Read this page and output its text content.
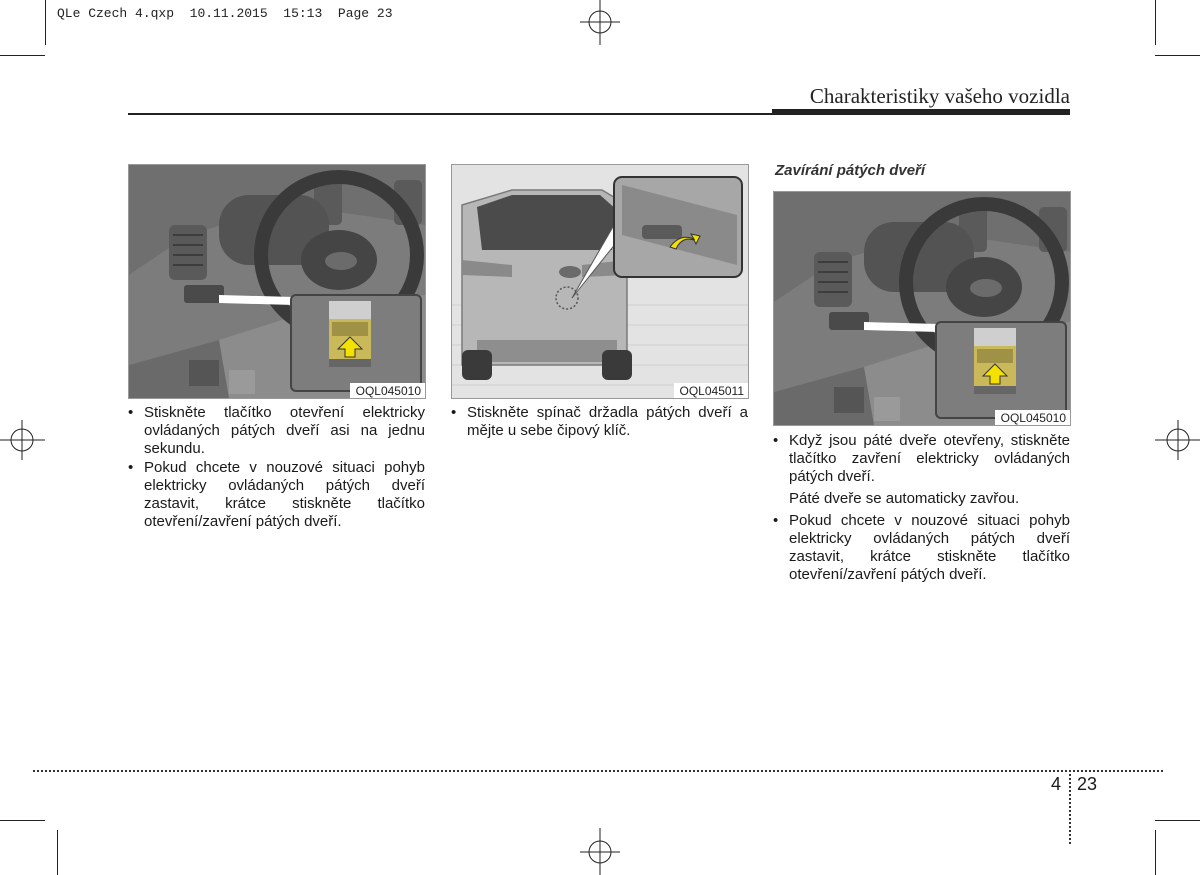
QLe Czech 4.qxp 10.11.2015 15:13 Page 23
Charakteristiky vašeho vozidla
OQL045010	OQL045011
OQL045010
• Stiskněte tlačítko otevření elektricky ovládaných pátých dveří asi na jednu sekundu.
• Pokud chcete v nouzové situaci pohyb elektricky ovládaných pátých dveří zastavit, krátce stiskněte tlačítko otevření/zavření pátých dveří.
• Stiskněte spínač držadla pátých dveří a mějte u sebe čipový klíč.
Zavírání pátých dveří
• Když jsou páté dveře otevřeny, stiskněte tlačítko zavření elektricky ovládaných pátých dveří.
Páté dveře se automaticky zavřou.
• Pokud chcete v nouzové situaci pohyb elektricky ovládaných pátých dveří zastavit, krátce stiskněte tlačítko otevření/zavření pátých dveří.
4 23
